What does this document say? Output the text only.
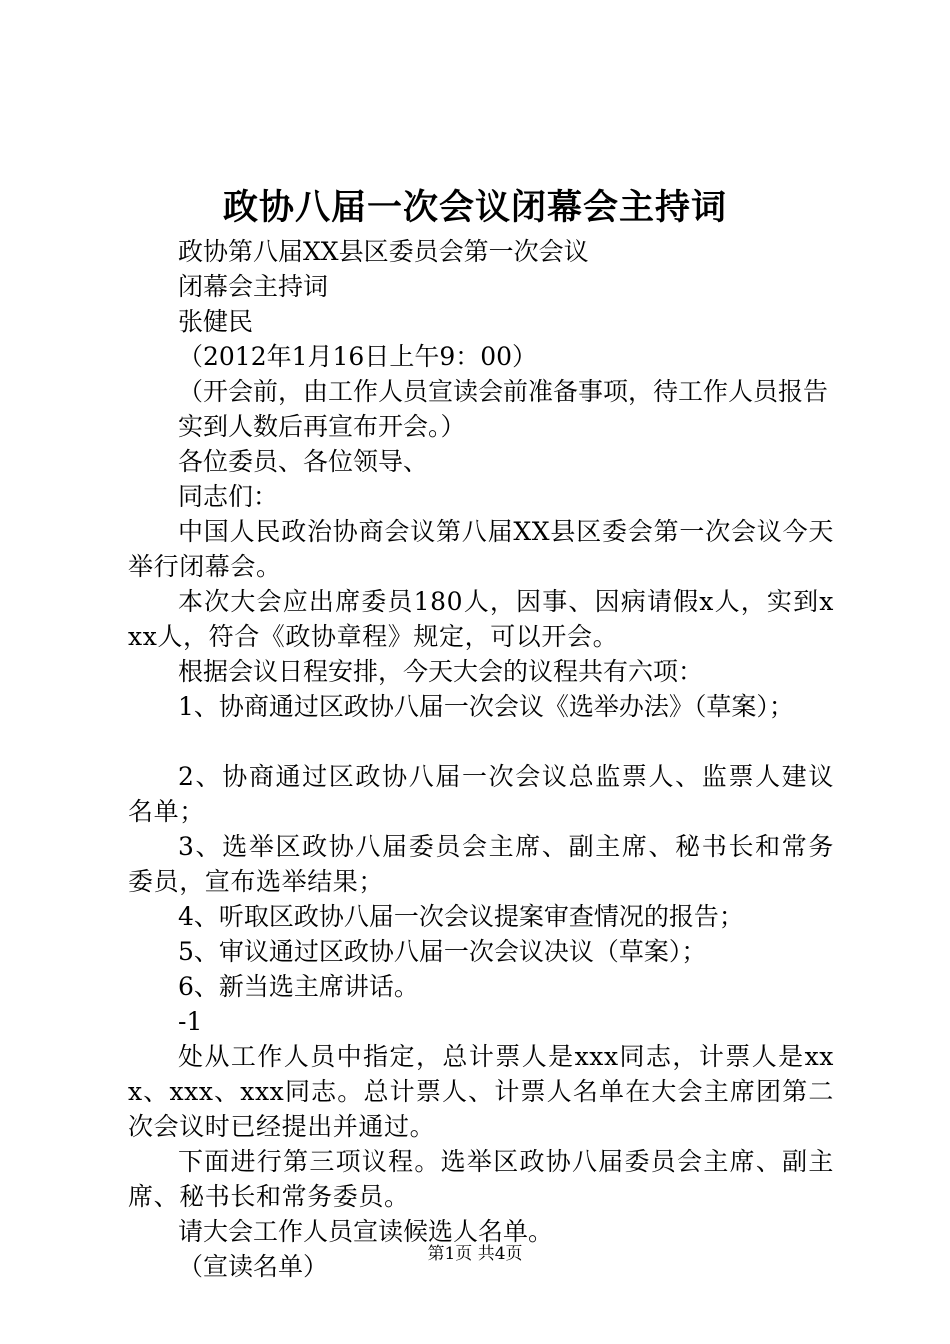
政协八届一次会议闭幕会主持词

政协第八届XX县区委员会第一次会议

闭幕会主持词

张健民

（2012年1月16日上午9：00）

（开会前，由工作人员宣读会前准备事项，待工作人员报告

实到人数后再宣布开会。）

各位委员、各位领导、

同志们：

中国人民政治协商会议第八届XX县区委会第一次会议今天举行闭幕会。

本次大会应出席委员180人，因事、因病请假x人，实到xxx人，符合《政协章程》规定，可以开会。

根据会议日程安排，今天大会的议程共有六项：

1、协商通过区政协八届一次会议《选举办法》（草案）；

2、协商通过区政协八届一次会议总监票人、监票人建议名单；

3、选举区政协八届委员会主席、副主席、秘书长和常务委员，宣布选举结果；

4、听取区政协八届一次会议提案审查情况的报告；

5、审议通过区政协八届一次会议决议（草案）；

6、新当选主席讲话。

-1

处从工作人员中指定，总计票人是xxx同志，计票人是xxx、xxx、xxx同志。总计票人、计票人名单在大会主席团第二次会议时已经提出并通过。

下面进行第三项议程。选举区政协八届委员会主席、副主席、秘书长和常务委员。

请大会工作人员宣读候选人名单。

（宣读名单）	第1页 共4页
